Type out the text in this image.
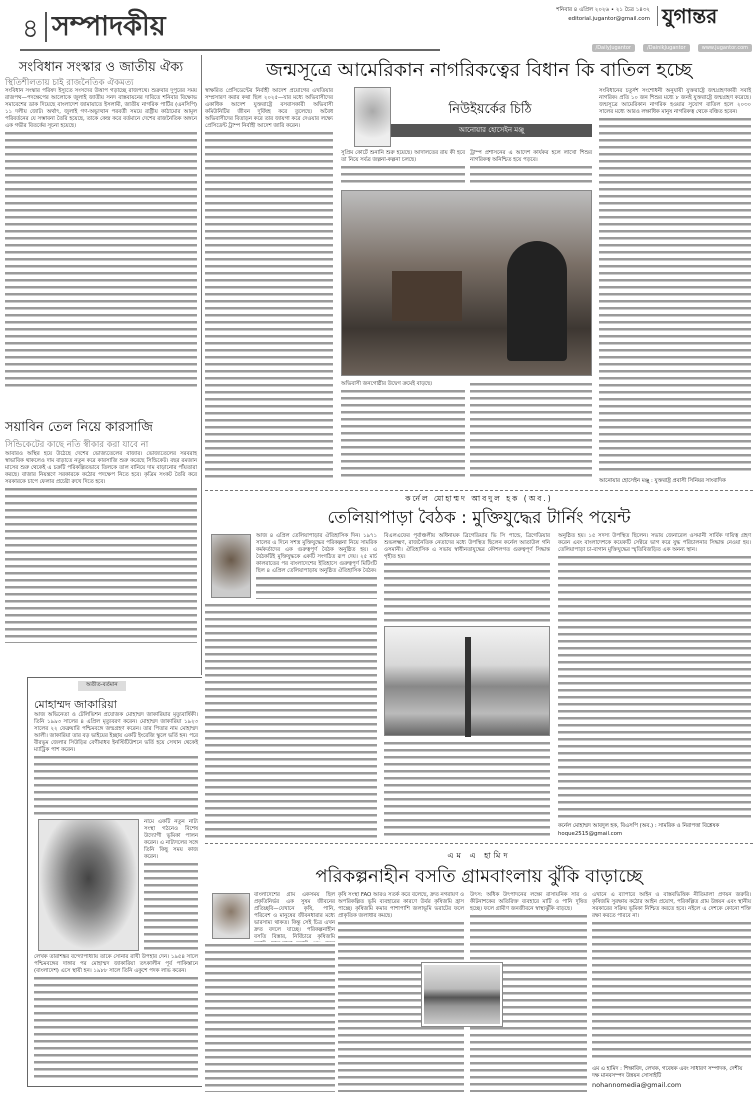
৪ সম্পাদকীয়
শনিবার ৪ এপ্রিল ২০২৬ • ২১ চৈত্র ১৪৩২
editorial.jugantor@gmail.com যুগান্তর
/DailyJugantor	/DainikJugantor	www.jugantor.com
সংবিধান সংস্কার ও জাতীয় ঐক্য
স্থিতিশীলতায় চাই রাজনৈতিক ঐকমত্য

সংবিধান সংস্কার পরিষদ ইস্যুতে সংসদের উত্তাপ গড়াচ্ছে রাজপথে। শুক্রবার দুপুরের সময় রাজপথ—পদক্ষেপের আলোকে জুলাই জাতীয় সনদ বাস্তবায়নের দাবিতে শনিবার বিক্ষোভ সমাবেশের ডাক দিয়েছে বাংলাদেশ জামায়াতে ইসলামী, জাতীয় নাগরিক পার্টির (এনসিপি) ১১ দলীয় জোট। অর্থাৎ, জুলাই গণ-অভ্যুত্থান পরবর্তী সময়ে রাষ্ট্রীয় কাঠামোর আমূল পরিবর্তনের যে সম্ভাবনা তৈরি হয়েছে, তাকে কেন্দ্র করে বর্তমানে দেশের রাজনৈতিক অঙ্গনে এক গভীর বিতর্কের সূচনা হয়েছে।

সয়াবিন তেল নিয়ে কারসাজি
সিন্ডিকেটের কাছে নতি স্বীকার করা যাবে না

আবারও অস্থির হয়ে উঠেছে দেশের ভোজ্যতেলের বাজার। ভোজ্যতেলের সরবরাহ স্বাভাবিক থাকলেও দাম বাড়াতে নতুন করে কারসাজি শুরু করেছে সিন্ডিকেট। বছর রমজান মাসের শুরু থেকেই এ চক্রটি পরিকল্পিতভাবে তিলকে তাল বানিয়ে দাম বাড়ানোর পাঁয়তারা করছে। বাজার নিয়ন্ত্রণে সরকারকে কঠোর পদক্ষেপ নিতে হবে। কৃত্রিম সংকট তৈরি করে সরকারকে চাপে ফেলার প্রচেষ্টা রুখে দিতে হবে।

অতীত-বর্তমান
মোহাম্মদ জাকারিয়া

আজ অভিনেতা ও টেলিভিশন প্রযোজক মোহাম্মদ জাকারিয়ার মৃত্যুবার্ষিকী। তিনি ১৯৯৩ সালের ৪ এপ্রিল মৃত্যুবরণ করেন। মোহাম্মদ জাকারিয়া ১৯২৩ সালের ২২ ফেব্রুয়ারি পশ্চিমবঙ্গে জন্মগ্রহণ করেন। তার পিতার নাম মোহাম্মদ আলী। জাকারিয়া তার বড় ভাইয়ের ইচ্ছায় একটি ইংরেজি স্কুলে ভর্তি হন। পরে বীরভূম জেলার সিউড়ির বেণীমাধব ইনস্টিটিউশনে ভর্তি হয়ে সেখান থেকেই ম্যাট্রিক পাশ করেন।

নামে একটি নতুন নাট্য সংস্থা গঠনেও বিশেষ উদ্যোগী ভূমিকা পালন করেন। এ নাট্যদলের সঙ্গে তিনি কিছু সময় কাজ করেন।

লেখক তারাশঙ্কর বন্দ্যোপাধ্যায় তাকে সোনার রাখী উপহার দেন। ১৯৫৪ সালে পশ্চিমবঙ্গের দাঙ্গার পর মোহাম্মদ জাকারিয়া তৎকালীন পূর্ব পাকিস্তানে (বাংলাদেশ) এসে স্থায়ী হন। ১৯৮৮ সালে তিনি একুশে পদক লাভ করেন।

জন্মসূত্রে আমেরিকান নাগরিকত্বের বিধান কি বাতিল হচ্ছে

স্বাক্ষরিত প্রেসিডেন্টের নির্বাহী আদেশ প্রয়োগের এখতিয়ার সম্প্রসারণ করার কথা ছিল ২০২৫—যার মধ্যে অভিবাসীদের একাধিক আদেশ যুক্তরাষ্ট্রে বসবাসকারী অভিবাসী কমিউনিটির জীবন দুর্বিষহ করে তুলেছে। অবৈধ অভিবাসীদের বিতাড়ন করে তার জায়গা করে দেওয়ার লক্ষ্যে প্রেসিডেন্ট ট্রাম্প নির্বাহী আদেশ জারি করেন।

নিউইয়র্কের চিঠি
আনোয়ার হোসেইন মঞ্জু

সুপ্রিম কোর্টে শুনানি শুরু হয়েছে। আদালতের রায় কী হবে তা নিয়ে সর্বত্র জল্পনা-কল্পনা চলছে।

ট্রাম্প প্রশাসনের এ আদেশ কার্যকর হলে লাখো শিশুর নাগরিকত্ব অনিশ্চিত হয়ে পড়বে।

অভিবাসী জনগোষ্ঠীর উদ্বেগ ক্রমেই বাড়ছে।

সংবিধানের চতুর্দশ সংশোধনী অনুযায়ী যুক্তরাষ্ট্রে জন্মগ্রহণকারী সবাই নাগরিক। প্রতি ১০ জন শিশুর মধ্যে ৮ জনই যুক্তরাষ্ট্রে জন্মগ্রহণ করেছে। জন্মসূত্রে আমেরিকান নাগরিক হওয়ার সুযোগ বাতিল হলে ২০৩০ সালের মধ্যে আরও লক্ষাধিক মানুষ নাগরিকত্ব থেকে বঞ্চিত হবেন।

আনোয়ার হোসেইন মঞ্জু : যুক্তরাষ্ট্র প্রবাসী সিনিয়র সাংবাদিক
কর্নেল মোহাম্মদ আবদুল হক (অব.)
তেলিয়াপাড়া বৈঠক : মুক্তিযুদ্ধের টার্নিং পয়েন্ট

আজ ৪ এপ্রিল তেলিয়াপাড়ার ঐতিহাসিক দিন। ১৯৭১ সালের এ দিনে সশস্ত্র মুক্তিযুদ্ধের পরিকল্পনা নিয়ে সামরিক কর্মকর্তাদের এক গুরুত্বপূর্ণ বৈঠক অনুষ্ঠিত হয়। এ বৈঠকটিই মুক্তিযুদ্ধকে একটি সংগঠিত রূপ দেয়। ২৫ মার্চ কালরাতের পর বাংলাদেশের ইতিহাসে গুরুত্বপূর্ণ মিটিংটি ছিল ৪ এপ্রিল তেলিয়াপাড়ায় অনুষ্ঠিত ঐতিহাসিক বৈঠক।

বিএলএফের পূর্বাঞ্চলীয় অধিনায়ক ব্রিগেডিয়ার ভি সি পান্ডে, ব্রিগেডিয়ার শুভলক্ষ্মণ, রাজনৈতিক নেতাদের মধ্যে উপস্থিত ছিলেন কর্নেল আতাউল গনি ওসমানী। ঐতিহাসিক এ সভায় স্বাধীনতাযুদ্ধের কৌশলগত গুরুত্বপূর্ণ সিদ্ধান্ত গৃহীত হয়।

অনুষ্ঠিত হয়। ১৫ সদস্য উপস্থিত ছিলেন। সভায় জেনারেল ওসমানী সার্বিক দায়িত্ব গ্রহণ করেন এবং বাংলাদেশকে কয়েকটি সেক্টরে ভাগ করে যুদ্ধ পরিচালনার সিদ্ধান্ত নেওয়া হয়। তেলিয়াপাড়া চা-বাগান মুক্তিযুদ্ধের স্মৃতিবিজড়িত এক অনন্য স্থান।

কর্নেল মোহাম্মদ আবদুল হক, বিএসপি (অব.) : সামরিক ও নিরাপত্তা বিশ্লেষক
hoque2515@gmail.com
এম এ হামিদ
পরিকল্পনাহীন বসতি গ্রামবাংলায় ঝুঁকি বাড়াচ্ছে

বাংলাদেশের গ্রাম একসময় ছিল প্রকৃতিনির্ভর এক সুষম জীবনের প্রতিচ্ছবি—যেখানে কৃষি, পানি, পরিবেশ ও মানুষের জীবনধারার মধ্যে ভারসাম্য থাকত। কিন্তু সেই চিত্র এখন দ্রুত বদলে যাচ্ছে। পরিকল্পনাহীন বসতি বিস্তার, নির্বিচারে কৃষিজমি

কৃষি সংস্থা FAO আরও সতর্ক করে বলেছে, দ্রুত নগরায়ণ ও অপরিকল্পিত ভূমি ব্যবহারের কারণে উর্বর কৃষিজমি হ্রাস পাচ্ছে। কৃষিজমি কমার পাশাপাশি জলাভূমি ভরাটের ফলে প্রাকৃতিক জলাধার কমছে।

উৎস: অধিক উৎপাদনের লক্ষ্যে রাসায়নিক সার ও কীটনাশকের অতিরিক্ত ব্যবহারে মাটি ও পানি দূষিত হচ্ছে। ফলে গ্রামীণ জনজীবনে স্বাস্থ্যঝুঁকি বাড়ছে।

এখানে এ ব্যাপারে আইন ও বাস্তবভিত্তিক নীতিমালা প্রণয়ন জরুরি। কৃষিজমি সুরক্ষায় কঠোর আইন প্রয়োগ, পরিকল্পিত গ্রাম উন্নয়ন এবং স্থানীয় সরকারের সক্রিয় ভূমিকা নিশ্চিত করতে হবে। নইলে এ দেশকে কোনো শক্তি রক্ষা করতে পারবে না।

এম এ হামিদ : শিক্ষাবিদ, লেখক, গবেষক এবং সাধারণ সম্পাদক, দেশীয় দক্ষ মানবসম্পদ উন্নয়ন সোসাইটি
nohannomedia@gmail.com
